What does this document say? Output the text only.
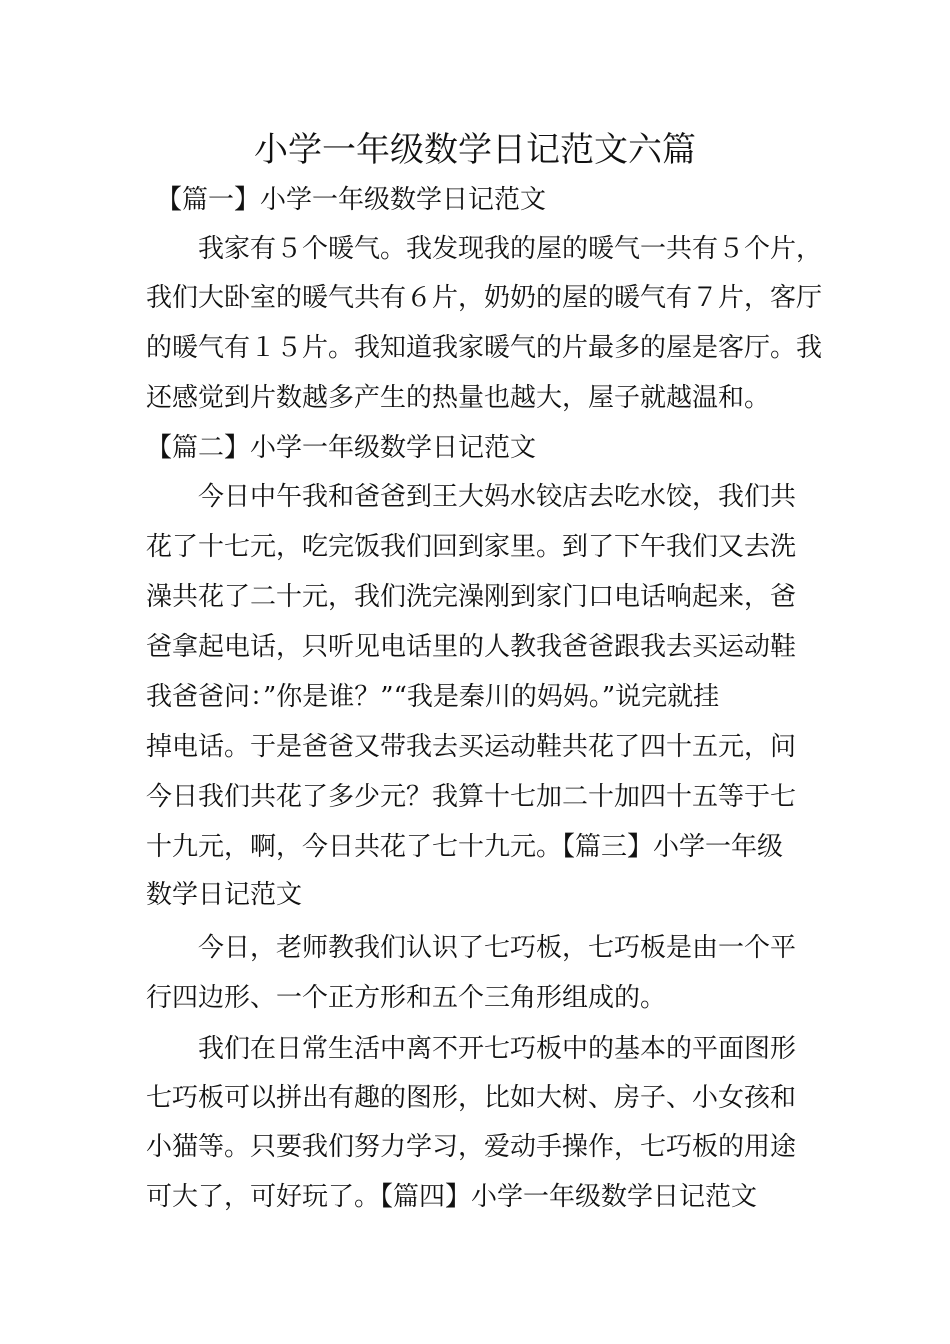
小学一年级数学日记范文六篇
【篇一】小学一年级数学日记范文
我家有５个暖气。我发现我的屋的暖气一共有５个片，
我们大卧室的暖气共有６片，奶奶的屋的暖气有７片，客厅
的暖气有１５片。我知道我家暖气的片最多的屋是客厅。我
还感觉到片数越多产生的热量也越大，屋子就越温和。
【篇二】小学一年级数学日记范文
今日中午我和爸爸到王大妈水铰店去吃水饺，我们共
花了十七元，吃完饭我们回到家里。到了下午我们又去洗
澡共花了二十元，我们洗完澡刚到家门口电话响起来，爸
爸拿起电话，只听见电话里的人教我爸爸跟我去买运动鞋
我爸爸问：”你是谁？”“我是秦川的妈妈。”说完就挂
掉电话。于是爸爸又带我去买运动鞋共花了四十五元，问
今日我们共花了多少元？我算十七加二十加四十五等于七
十九元，啊，今日共花了七十九元。【篇三】小学一年级
数学日记范文
今日，老师教我们认识了七巧板，七巧板是由一个平
行四边形、一个正方形和五个三角形组成的。
我们在日常生活中离不开七巧板中的基本的平面图形
七巧板可以拼出有趣的图形，比如大树、房子、小女孩和
小猫等。只要我们努力学习，爱动手操作，七巧板的用途
可大了，可好玩了。【篇四】小学一年级数学日记范文
